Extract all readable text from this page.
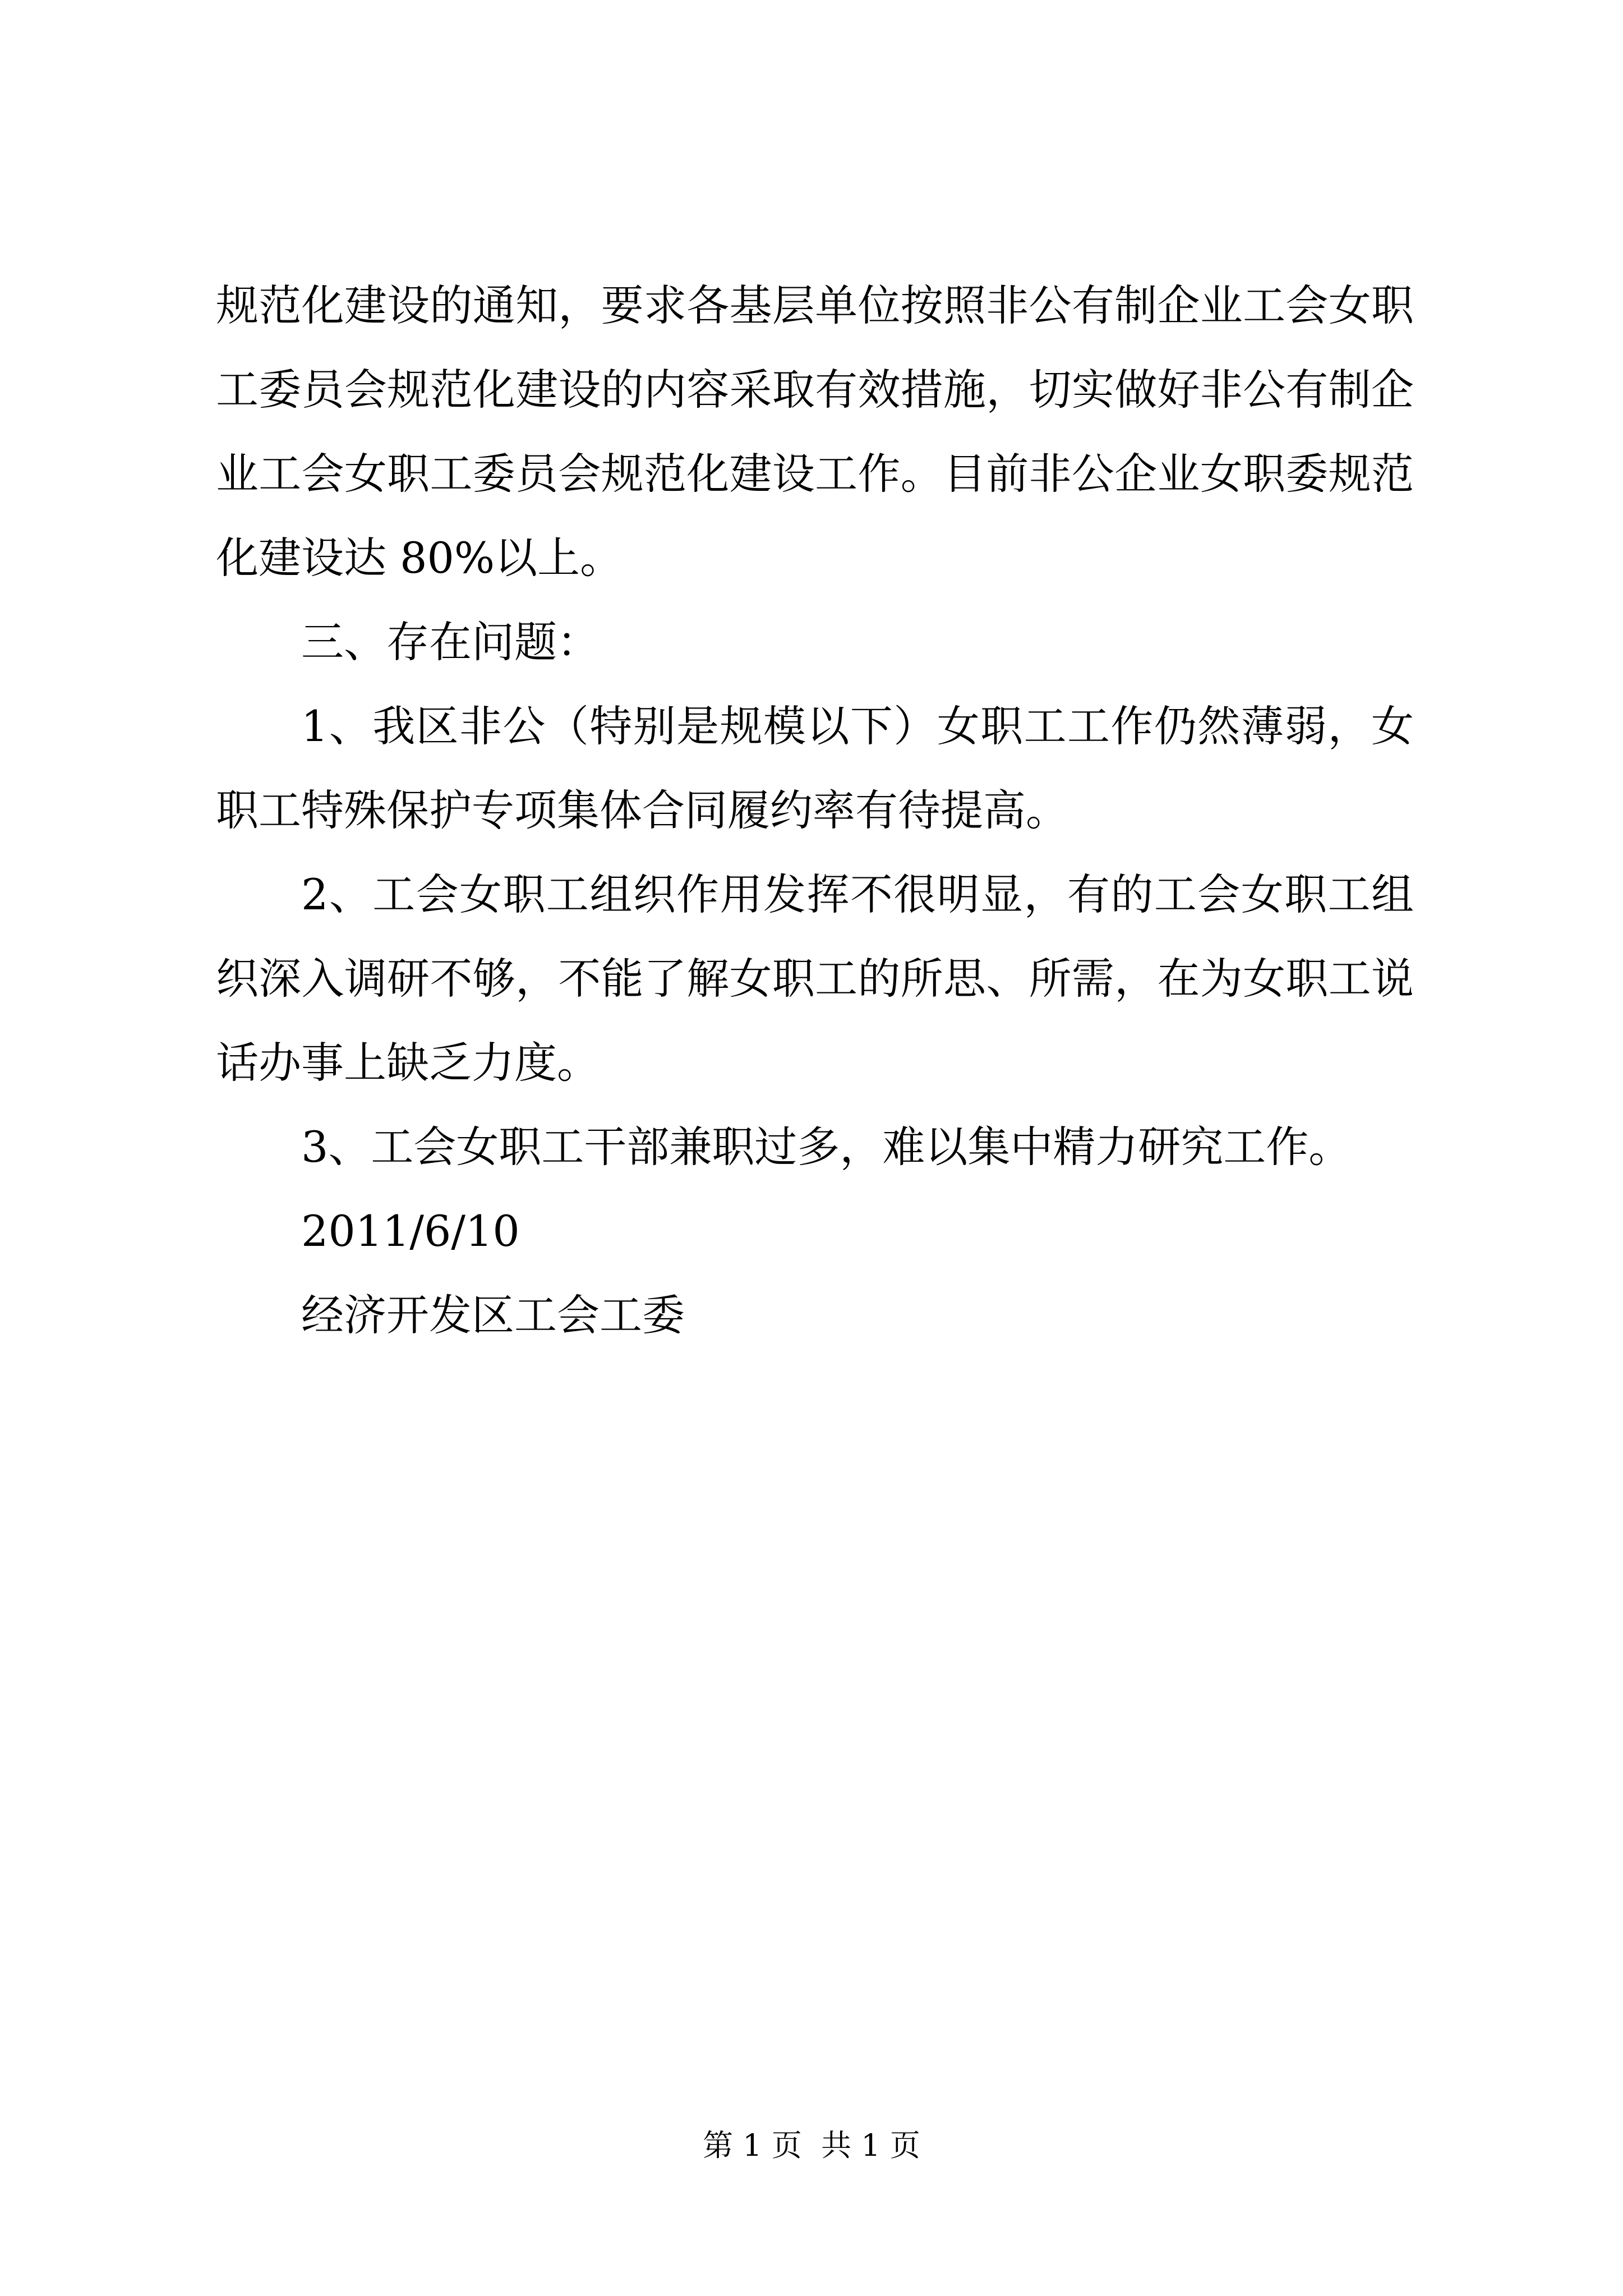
规范化建设的通知，要求各基层单位按照非公有制企业工会女职
工委员会规范化建设的内容采取有效措施，切实做好非公有制企
业工会女职工委员会规范化建设工作。目前非公企业女职委规范
化建设达 80%以上。
三、存在问题：
1、我区非公（特别是规模以下）女职工工作仍然薄弱，女
职工特殊保护专项集体合同履约率有待提高。
2、工会女职工组织作用发挥不很明显，有的工会女职工组
织深入调研不够，不能了解女职工的所思、所需，在为女职工说
话办事上缺乏力度。
3、工会女职工干部兼职过多，难以集中精力研究工作。
2011/6/10
经济开发区工会工委
第 1 页  共 1 页
